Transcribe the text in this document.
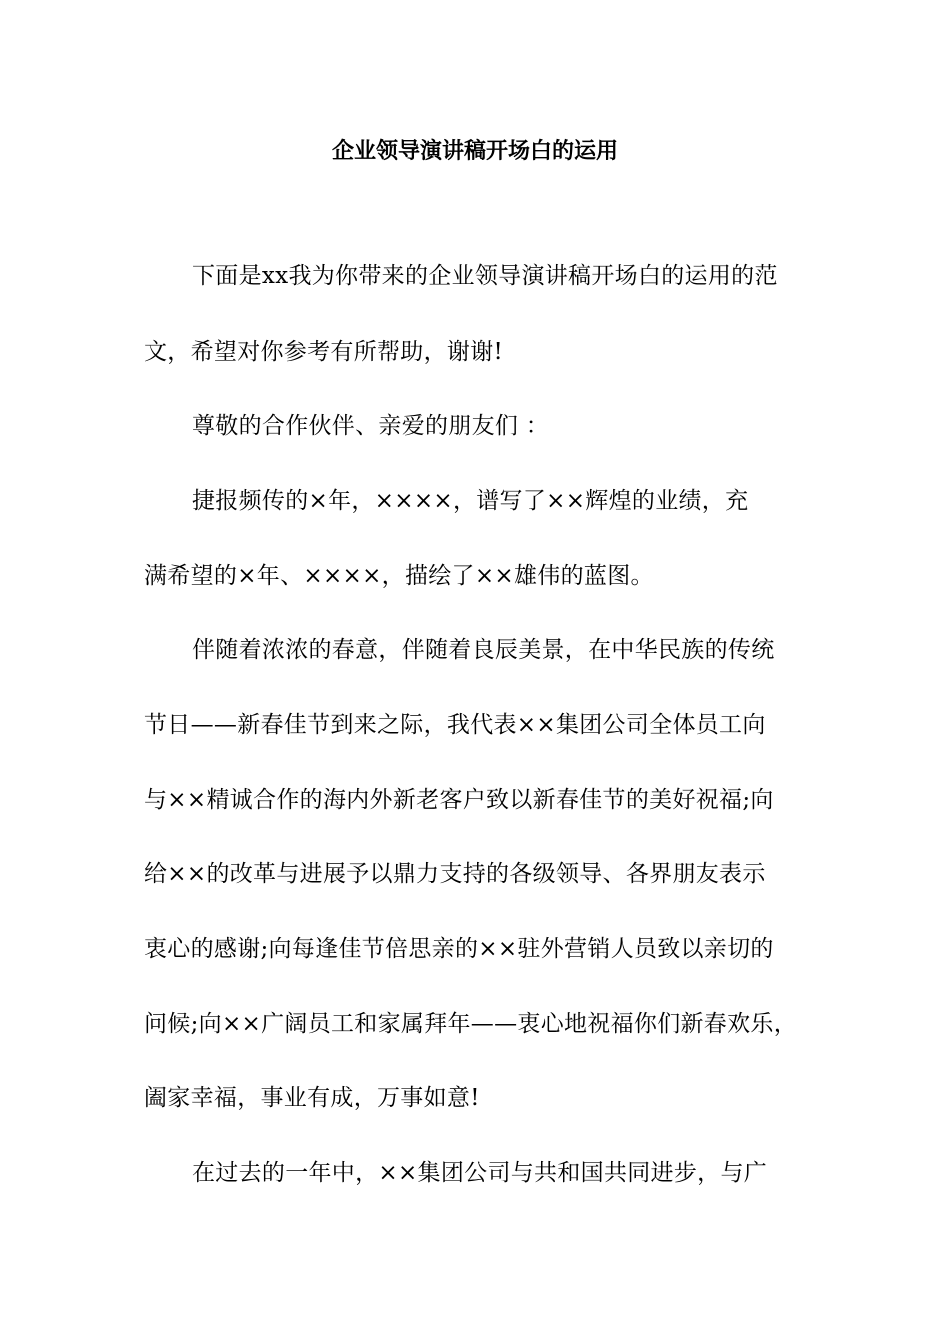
企业领导演讲稿开场白的运用
下面是xx我为你带来的企业领导演讲稿开场白的运用的范
文，希望对你参考有所帮助，谢谢!
尊敬的合作伙伴、亲爱的朋友们 ：
捷报频传的×年，××××，谱写了××辉煌的业绩，充
满希望的×年、××××，描绘了××雄伟的蓝图。
伴随着浓浓的春意，伴随着良辰美景，在中华民族的传统
节日——新春佳节到来之际，我代表××集团公司全体员工向
与××精诚合作的海内外新老客户致以新春佳节的美好祝福;向
给××的改革与进展予以鼎力支持的各级领导、各界朋友表示
衷心的感谢;向每逢佳节倍思亲的××驻外营销人员致以亲切的
问候;向××广阔员工和家属拜年——衷心地祝福你们新春欢乐，
阖家幸福，事业有成，万事如意!
在过去的一年中，××集团公司与共和国共同进步，与广
